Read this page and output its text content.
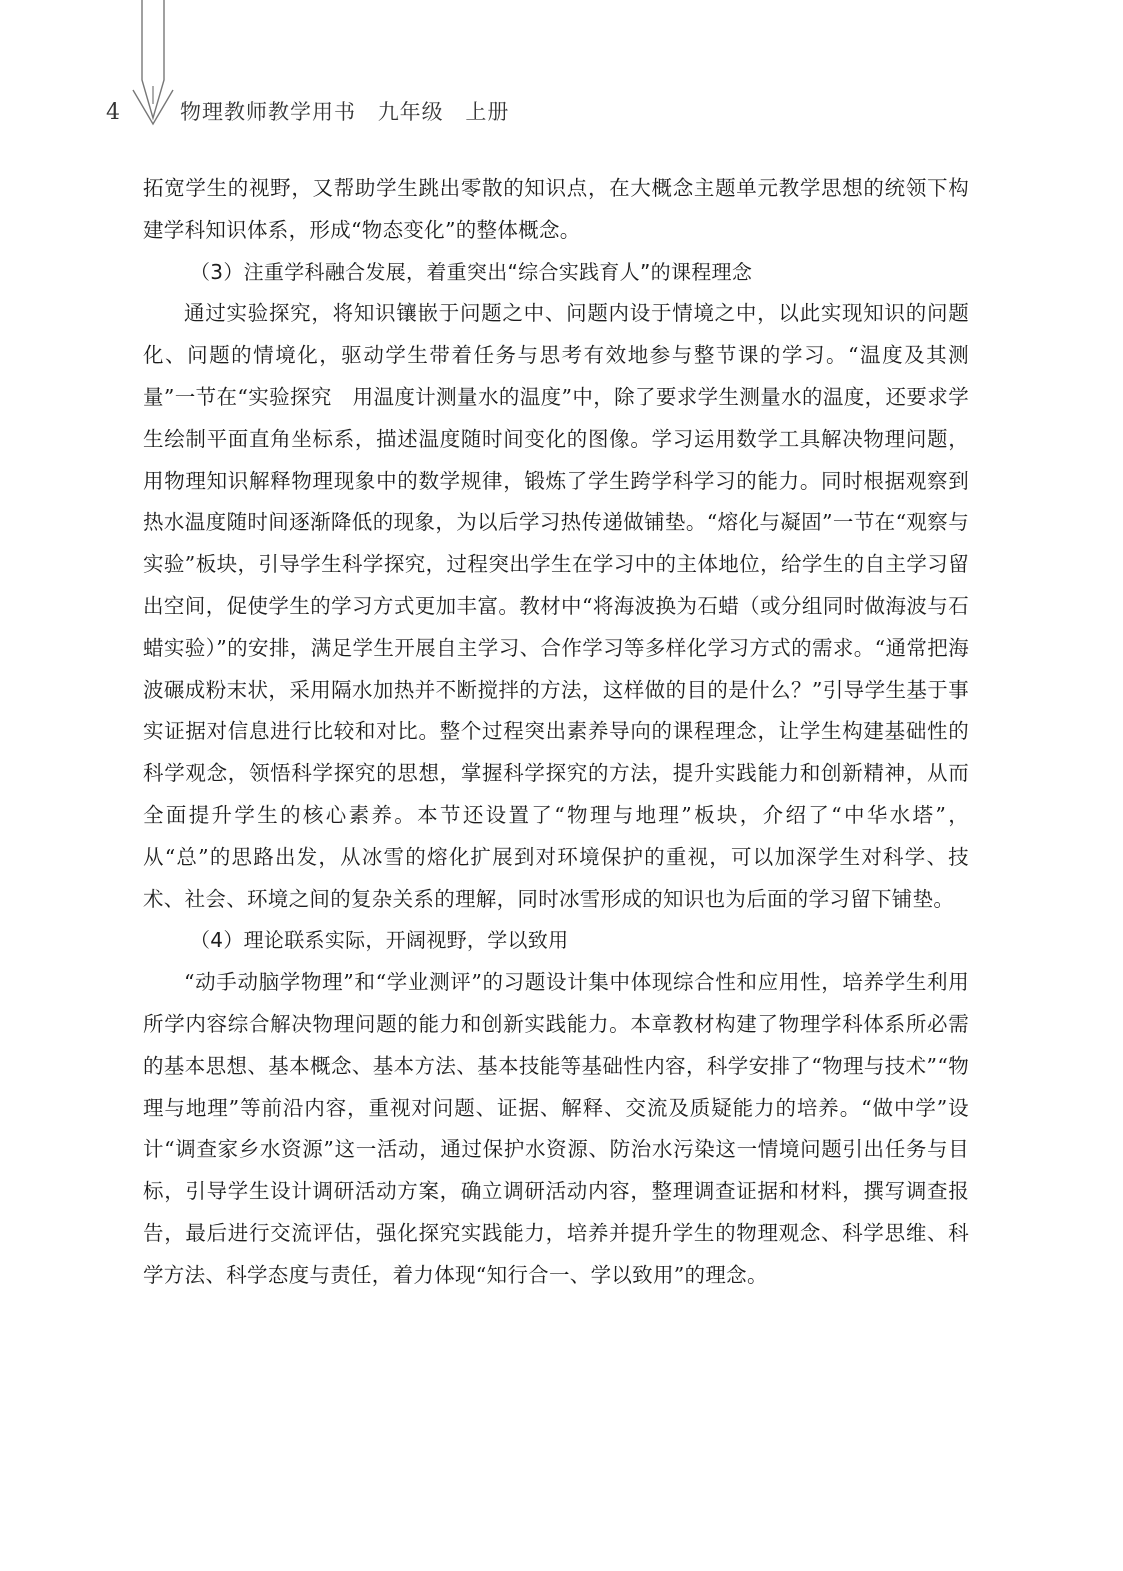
4	物理教师教学用书 九年级 上册

拓宽学生的视野，又帮助学生跳出零散的知识点，在大概念主题单元教学思想的统领下构建学科知识体系，形成“物态变化”的整体概念。

（3）注重学科融合发展，着重突出“综合实践育人”的课程理念

通过实验探究，将知识镶嵌于问题之中、问题内设于情境之中，以此实现知识的问题化、问题的情境化，驱动学生带着任务与思考有效地参与整节课的学习。“温度及其测量”一节在“实验探究　用温度计测量水的温度”中，除了要求学生测量水的温度，还要求学生绘制平面直角坐标系，描述温度随时间变化的图像。学习运用数学工具解决物理问题，用物理知识解释物理现象中的数学规律，锻炼了学生跨学科学习的能力。同时根据观察到热水温度随时间逐渐降低的现象，为以后学习热传递做铺垫。“熔化与凝固”一节在“观察与实验”板块，引导学生科学探究，过程突出学生在学习中的主体地位，给学生的自主学习留出空间，促使学生的学习方式更加丰富。教材中“将海波换为石蜡（或分组同时做海波与石蜡实验）”的安排，满足学生开展自主学习、合作学习等多样化学习方式的需求。“通常把海波碾成粉末状，采用隔水加热并不断搅拌的方法，这样做的目的是什么？”引导学生基于事实证据对信息进行比较和对比。整个过程突出素养导向的课程理念，让学生构建基础性的科学观念，领悟科学探究的思想，掌握科学探究的方法，提升实践能力和创新精神，从而全面提升学生的核心素养。本节还设置了“物理与地理”板块，介绍了“中华水塔”，从“总”的思路出发，从冰雪的熔化扩展到对环境保护的重视，可以加深学生对科学、技术、社会、环境之间的复杂关系的理解，同时冰雪形成的知识也为后面的学习留下铺垫。

（4）理论联系实际，开阔视野，学以致用

“动手动脑学物理”和“学业测评”的习题设计集中体现综合性和应用性，培养学生利用所学内容综合解决物理问题的能力和创新实践能力。本章教材构建了物理学科体系所必需的基本思想、基本概念、基本方法、基本技能等基础性内容，科学安排了“物理与技术”“物理与地理”等前沿内容，重视对问题、证据、解释、交流及质疑能力的培养。“做中学”设计“调查家乡水资源”这一活动，通过保护水资源、防治水污染这一情境问题引出任务与目标，引导学生设计调研活动方案，确立调研活动内容，整理调查证据和材料，撰写调查报告，最后进行交流评估，强化探究实践能力，培养并提升学生的物理观念、科学思维、科学方法、科学态度与责任，着力体现“知行合一、学以致用”的理念。
